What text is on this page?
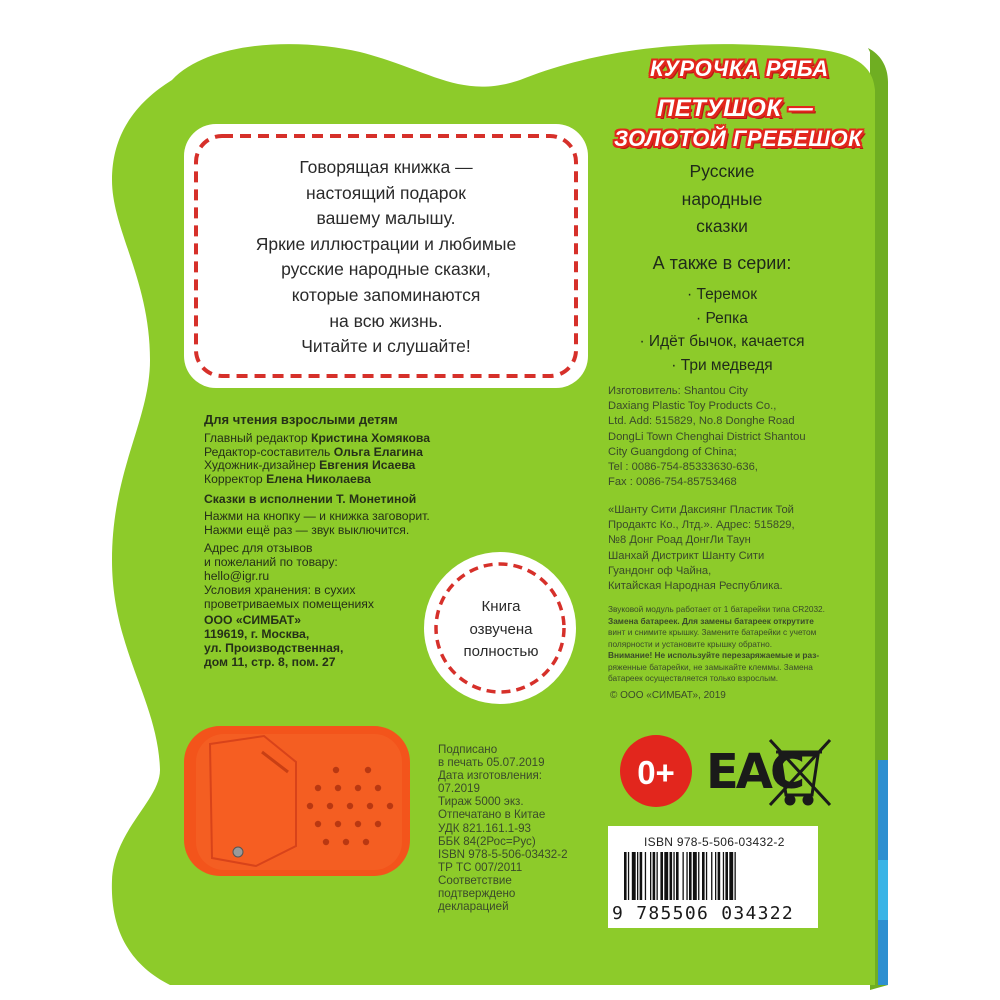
Говорящая книжка —
настоящий подарок
вашему малышу.
Яркие иллюстрации и любимые
русские народные сказки,
которые запоминаются
на всю жизнь.
Читайте и слушайте!
КУРОЧКА РЯБА
ПЕТУШОК —
ЗОЛОТОЙ ГРЕБЕШОК
Русские
народные
сказки
А также в серии:
· Теремок
· Репка
· Идёт бычок, качается
· Три медведя
Изготовитель: Shantou City
Daxiang Plastic Toy Products Co.,
Ltd. Add: 515829, No.8 Donghe Road
DongLi Town Chenghai District Shantou
City Guangdong of China;
Tel : 0086-754-85333630-636,
Fax : 0086-754-85753468
«Шанту Сити Даксиянг Пластик Той
Продактс Ко., Лтд.». Адрес: 515829,
№8 Донг Роад ДонгЛи Таун
Шанхай Дистрикт Шанту Сити
Гуандонг оф Чайна,
Китайская Народная Республика.
Звуковой модуль работает от 1 батарейки типа CR2032.
Замена батареек. Для замены батареек открутите
винт и снимите крышку. Замените батарейки с учетом
полярности и установите крышку обратно.
Внимание! Не используйте перезаряжаемые и раз-
ряженные батарейки, не замыкайте клеммы. Замена
батареек осуществляется только взрослым.
© ООО «СИМБАТ», 2019
Для чтения взрослыми детям
Главный редактор Кристина Хомякова
Редактор-составитель Ольга Елагина
Художник-дизайнер Евгения Исаева
Корректор Елена Николаева
Сказки в исполнении Т. Монетиной
Нажми на кнопку — и книжка заговорит.
Нажми ещё раз — звук выключится.
Адрес для отзывов
и пожеланий по товару:
hello@igr.ru
Условия хранения: в сухих
проветриваемых помещениях
ООО «СИМБАТ»
119619, г. Москва,
ул. Производственная,
дом 11, стр. 8, пом. 27
Книга
озвучена
полностью
Подписано
в печать 05.07.2019
Дата изготовления:
07.2019
Тираж 5000 экз.
Отпечатано в Китае
УДК 821.161.1-93
ББК 84(2Рос=Рус)
ISBN 978-5-506-03432-2
ТР ТС 007/2011
Соответствие
подтверждено
декларацией
0+ EAC
ISBN 978-5-506-03432-2
9 785506 034322
